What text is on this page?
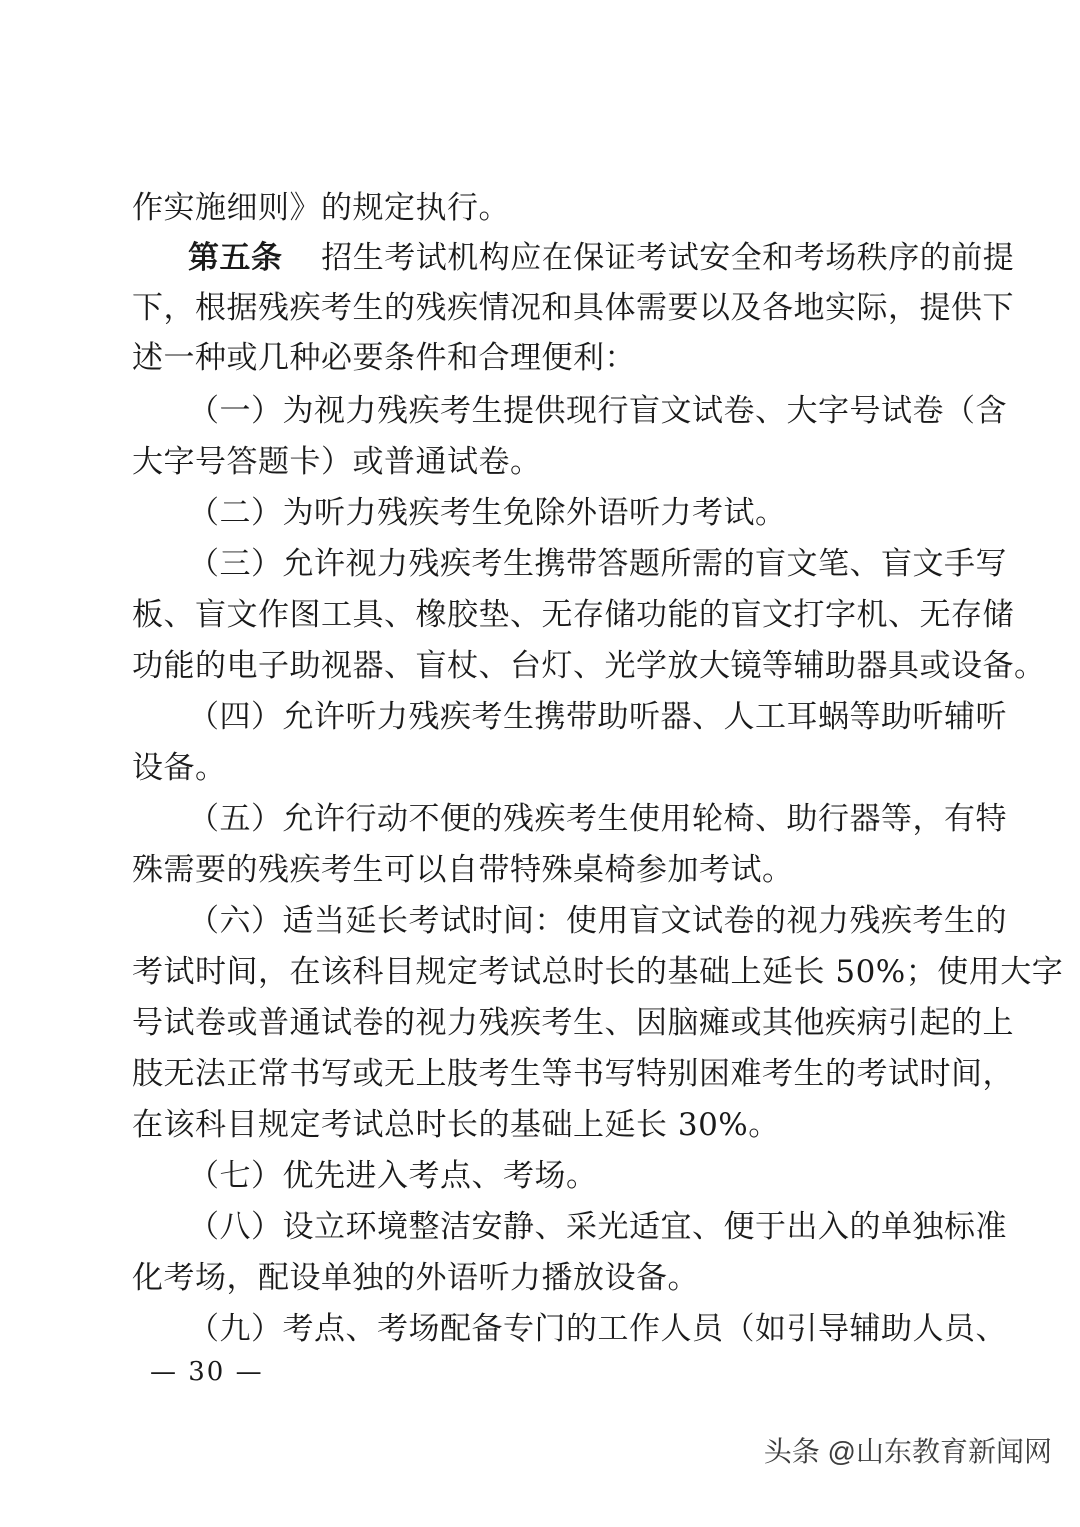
作实施细则》的规定执行。
第五条 招生考试机构应在保证考试安全和考场秩序的前提
下，根据残疾考生的残疾情况和具体需要以及各地实际，提供下
述一种或几种必要条件和合理便利：
（一）为视力残疾考生提供现行盲文试卷、大字号试卷（含
大字号答题卡）或普通试卷。
（二）为听力残疾考生免除外语听力考试。
（三）允许视力残疾考生携带答题所需的盲文笔、盲文手写
板、盲文作图工具、橡胶垫、无存储功能的盲文打字机、无存储
功能的电子助视器、盲杖、台灯、光学放大镜等辅助器具或设备。
（四）允许听力残疾考生携带助听器、人工耳蜗等助听辅听
设备。
（五）允许行动不便的残疾考生使用轮椅、助行器等，有特
殊需要的残疾考生可以自带特殊桌椅参加考试。
（六）适当延长考试时间：使用盲文试卷的视力残疾考生的
考试时间，在该科目规定考试总时长的基础上延长 50%；使用大字
号试卷或普通试卷的视力残疾考生、因脑瘫或其他疾病引起的上
肢无法正常书写或无上肢考生等书写特别困难考生的考试时间，
在该科目规定考试总时长的基础上延长 30%。
（七）优先进入考点、考场。
（八）设立环境整洁安静、采光适宜、便于出入的单独标准
化考场，配设单独的外语听力播放设备。
（九）考点、考场配备专门的工作人员（如引导辅助人员、
— 30 —
头条 @山东教育新闻网
